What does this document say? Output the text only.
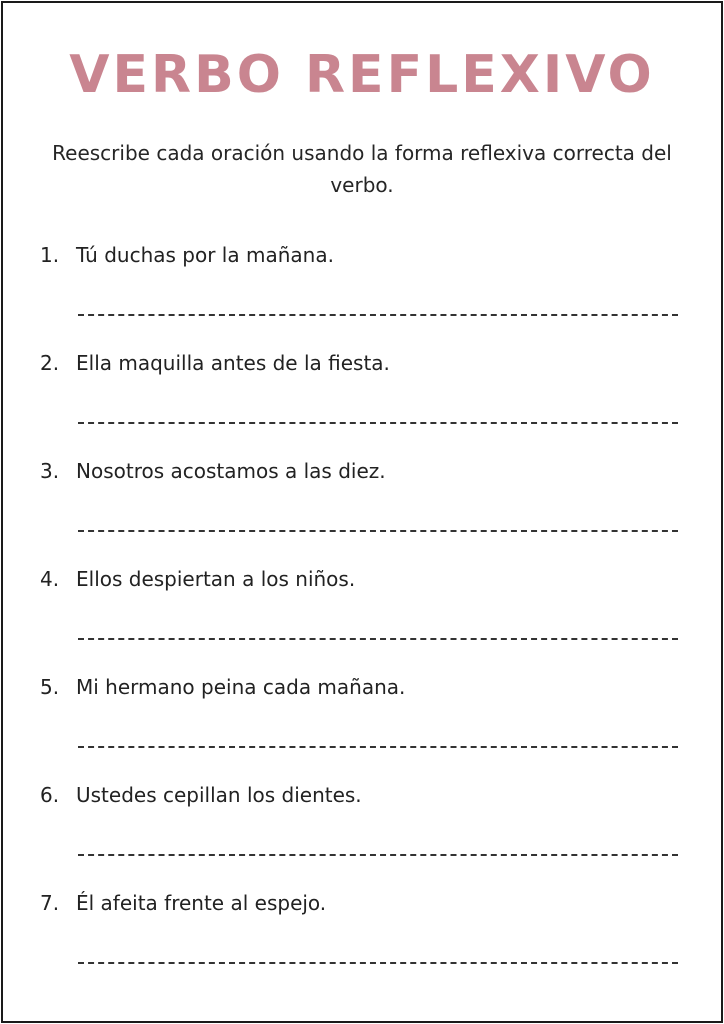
VERBO REFLEXIVO
Reescribe cada oración usando la forma reflexiva correcta del verbo.
1. Tú duchas por la mañana.
2. Ella maquilla antes de la fiesta.
3. Nosotros acostamos a las diez.
4. Ellos despiertan a los niños.
5. Mi hermano peina cada mañana.
6. Ustedes cepillan los dientes.
7. Él afeita frente al espejo.
